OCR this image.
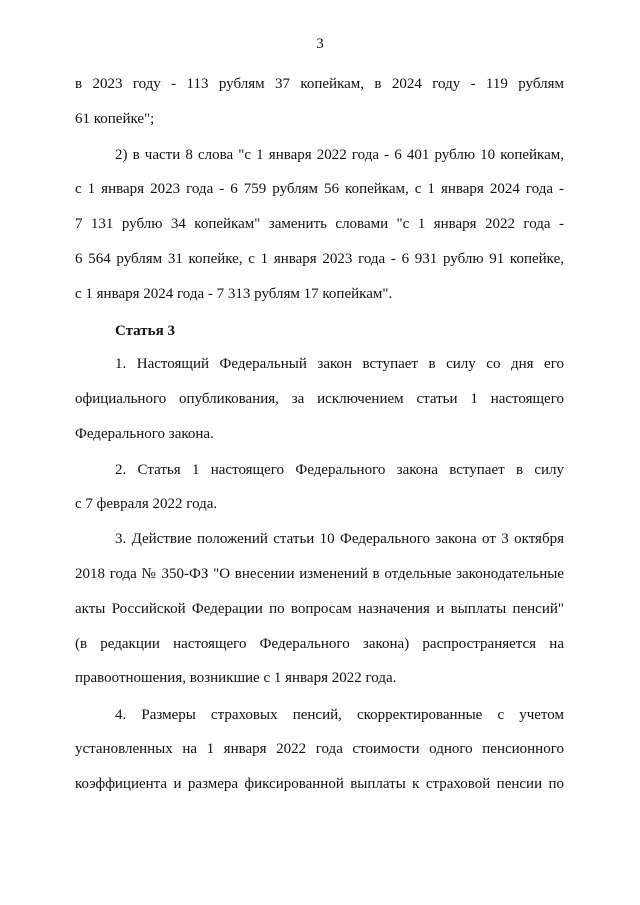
3
в 2023 году - 113 рублям 37 копейкам, в 2024 году - 119 рублям
61 копейке";
2) в части 8 слова "с 1 января 2022 года - 6 401 рублю 10 копейкам,
с 1 января 2023 года - 6 759 рублям 56 копейкам, с 1 января 2024 года -
7 131 рублю 34 копейкам" заменить словами "с 1 января 2022 года -
6 564 рублям 31 копейке, с 1 января 2023 года - 6 931 рублю 91 копейке,
с 1 января 2024 года - 7 313 рублям 17 копейкам".
Статья 3
1. Настоящий Федеральный закон вступает в силу со дня его
официального опубликования, за исключением статьи 1 настоящего
Федерального закона.
2. Статья 1 настоящего Федерального закона вступает в силу
с 7 февраля 2022 года.
3. Действие положений статьи 10 Федерального закона от 3 октября
2018 года № 350-ФЗ "О внесении изменений в отдельные законодательные
акты Российской Федерации по вопросам назначения и выплаты пенсий"
(в редакции настоящего Федерального закона) распространяется на
правоотношения, возникшие с 1 января 2022 года.
4. Размеры страховых пенсий, скорректированные с учетом
установленных на 1 января 2022 года стоимости одного пенсионного
коэффициента и размера фиксированной выплаты к страховой пенсии по
